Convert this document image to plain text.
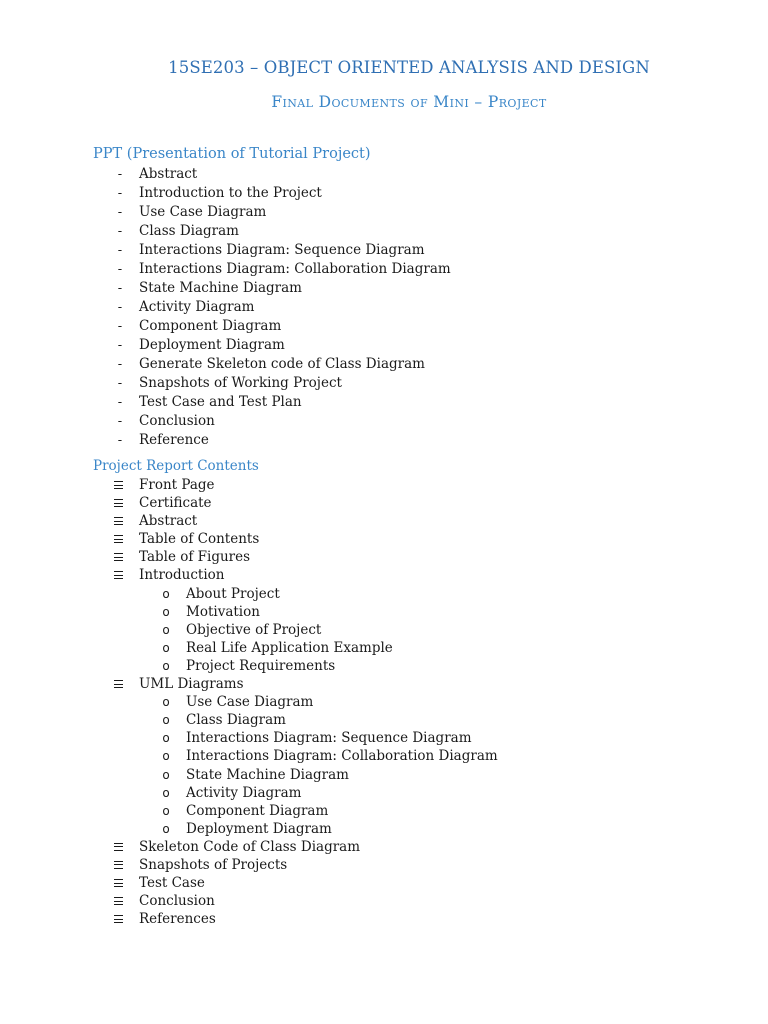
15SE203 – OBJECT ORIENTED ANALYSIS AND DESIGN
Final Documents of Mini – Project
PPT (Presentation of Tutorial Project)
- Abstract
- Introduction to the Project
- Use Case Diagram
- Class Diagram
- Interactions Diagram: Sequence Diagram
- Interactions Diagram: Collaboration Diagram
- State Machine Diagram
- Activity Diagram
- Component Diagram
- Deployment Diagram
- Generate Skeleton code of Class Diagram
- Snapshots of Working Project
- Test Case and Test Plan
- Conclusion
- Reference
Project Report Contents
Front Page
Certificate
Abstract
Table of Contents
Table of Figures
Introduction
o About Project
o Motivation
o Objective of Project
o Real Life Application Example
o Project Requirements
UML Diagrams
o Use Case Diagram
o Class Diagram
o Interactions Diagram: Sequence Diagram
o Interactions Diagram: Collaboration Diagram
o State Machine Diagram
o Activity Diagram
o Component Diagram
o Deployment Diagram
Skeleton Code of Class Diagram
Snapshots of Projects
Test Case
Conclusion
References
